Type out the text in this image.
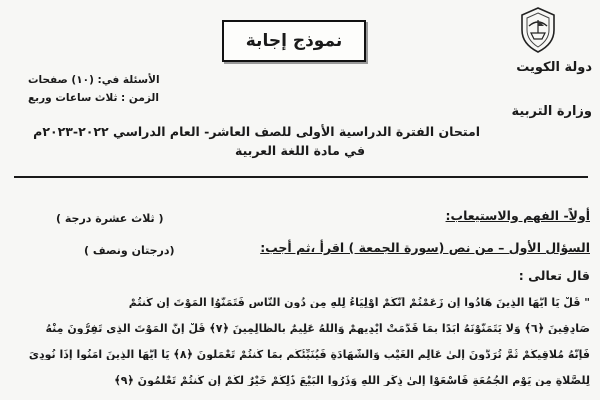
نموذج إجابة
دولة الكويت
وزارة التربية
الأسئلة في: (١٠) صفحات
الزمن : ثلاث ساعات وربع
امتحان الفترة الدراسية الأولى للصف العاشر- العام الدراسي ٢٠٢٢-٢٠٢٣م
في مادة اللغة العربية
أولاً- الفهم والاستيعاب:
( ثلاث عشرة درجة )
السؤال الأول – من نص (سورة الجمعة ) اقرأ ،ثم أجب:
(درجتان ونصف )
قال تعالى :
" قُلْ يَا أَيُّهَا الَّذِينَ هَادُوا إِن زَعَمْتُمْ أَنَّكُمْ أَوْلِيَاءُ لِلَّهِ مِن دُونِ النَّاسِ فَتَمَنَّوُا الْمَوْتَ إِن كُنتُمْ
صَادِقِينَ ﴿٦﴾ وَلَا يَتَمَنَّوْنَهُ أَبَدًا بِمَا قَدَّمَتْ أَيْدِيهِمْ وَاللَّهُ عَلِيمٌ بِالظَّالِمِينَ ﴿٧﴾ قُلْ إِنَّ الْمَوْتَ الَّذِي تَفِرُّونَ مِنْهُ
فَإِنَّهُ مُلَاقِيكُمْ ثُمَّ تُرَدُّونَ إِلَىٰ عَالِمِ الْغَيْبِ وَالشَّهَادَةِ فَيُنَبِّئُكُم بِمَا كُنتُمْ تَعْمَلُونَ ﴿٨﴾ يَا أَيُّهَا الَّذِينَ آمَنُوا إِذَا نُودِيَ
لِلصَّلَاةِ مِن يَوْمِ الْجُمُعَةِ فَاسْعَوْا إِلَىٰ ذِكْرِ اللَّهِ وَذَرُوا الْبَيْعَ ذَٰلِكُمْ خَيْرٌ لَّكُمْ إِن كُنتُمْ تَعْلَمُونَ ﴿٩﴾
